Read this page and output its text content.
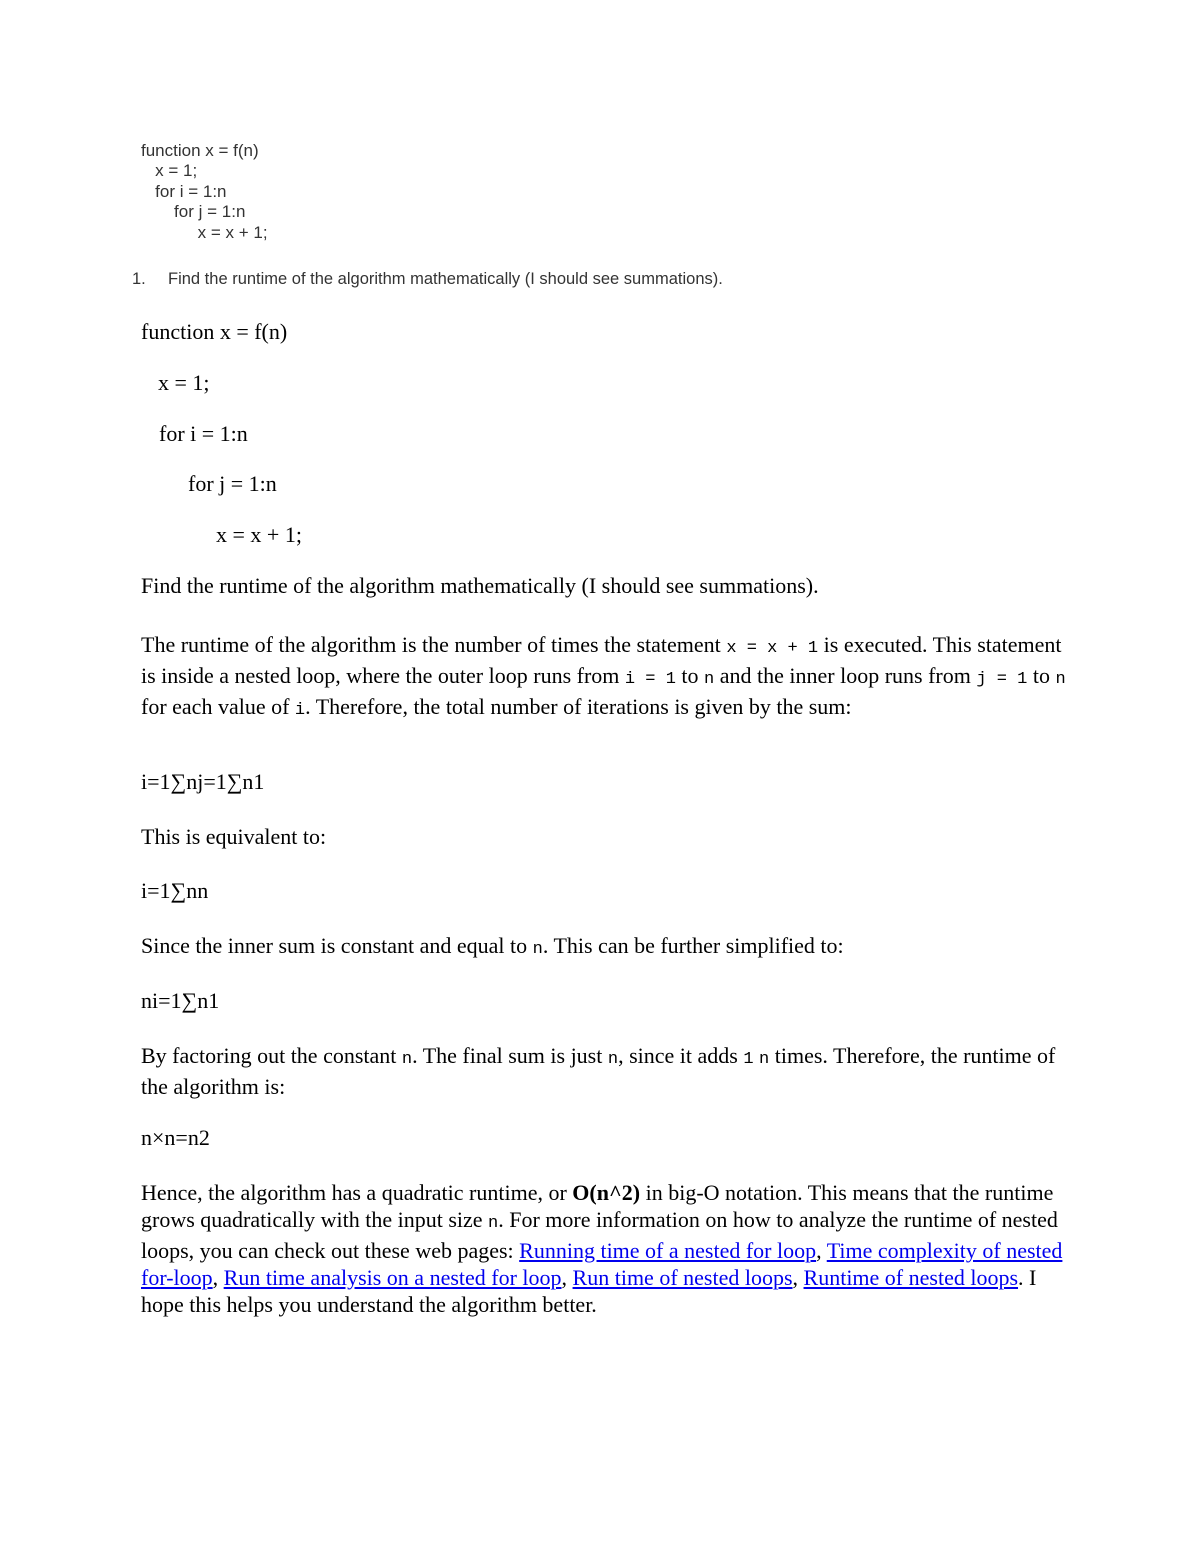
function x = f(n)
x = 1;
for i = 1:n
for j = 1:n
x = x + 1;
1. Find the runtime of the algorithm mathematically (I should see summations).
function x = f(n)
x = 1;
for i = 1:n
for j = 1:n
x = x + 1;
Find the runtime of the algorithm mathematically (I should see summations).
The runtime of the algorithm is the number of times the statement x = x + 1 is executed. This statement is inside a nested loop, where the outer loop runs from i = 1 to n and the inner loop runs from j = 1 to n for each value of i. Therefore, the total number of iterations is given by the sum:
i=1∑nj=1∑n1
This is equivalent to:
i=1∑nn
Since the inner sum is constant and equal to n. This can be further simplified to:
ni=1∑n1
By factoring out the constant n. The final sum is just n, since it adds 1 n times. Therefore, the runtime of the algorithm is:
n×n=n2
Hence, the algorithm has a quadratic runtime, or O(n^2) in big-O notation. This means that the runtime grows quadratically with the input size n. For more information on how to analyze the runtime of nested loops, you can check out these web pages: Running time of a nested for loop, Time complexity of nested for-loop, Run time analysis on a nested for loop, Run time of nested loops, Runtime of nested loops. I hope this helps you understand the algorithm better.
